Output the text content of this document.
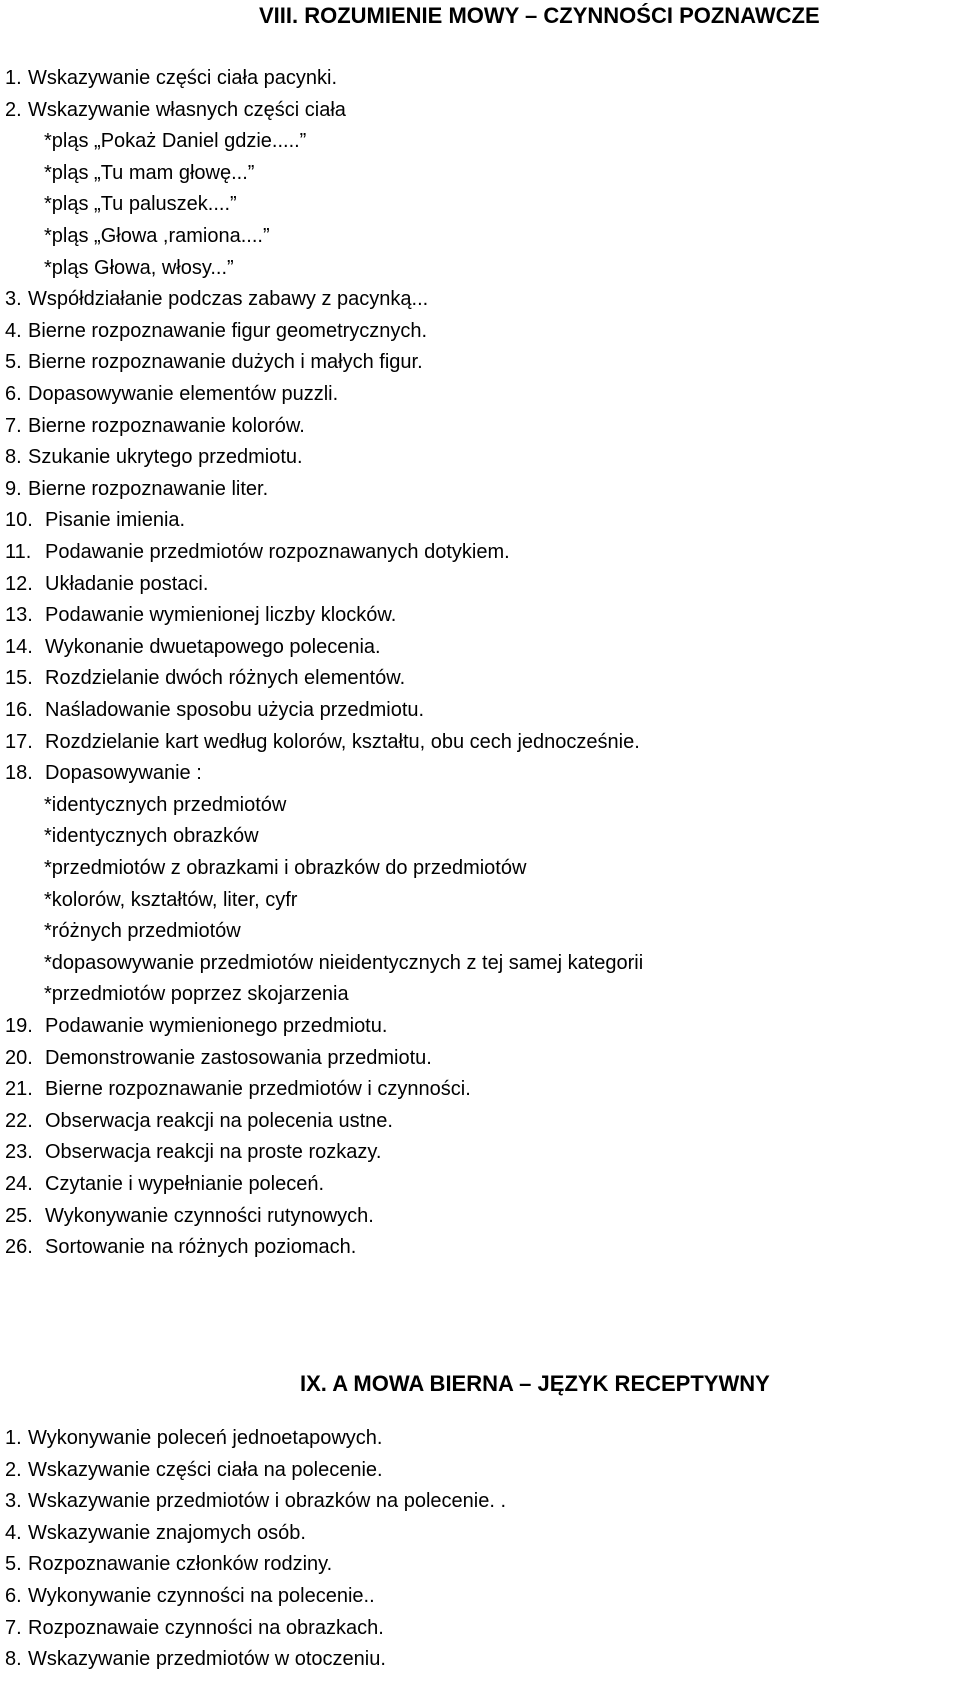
VIII. ROZUMIENIE MOWY – CZYNNOŚCI POZNAWCZE
1. Wskazywanie części ciała pacynki.
2. Wskazywanie własnych części ciała
*pląs „Pokaż Daniel gdzie.....”
*pląs „Tu mam głowę...”
*pląs „Tu paluszek....”
*pląs „Głowa ,ramiona....”
*pląs Głowa, włosy...”
3. Współdziałanie podczas zabawy z pacynką...
4. Bierne rozpoznawanie figur geometrycznych.
5. Bierne rozpoznawanie dużych i małych figur.
6. Dopasowywanie elementów puzzli.
7. Bierne rozpoznawanie kolorów.
8. Szukanie ukrytego przedmiotu.
9. Bierne rozpoznawanie liter.
10. Pisanie imienia.
11. Podawanie przedmiotów rozpoznawanych dotykiem.
12. Układanie postaci.
13. Podawanie wymienionej liczby klocków.
14. Wykonanie dwuetapowego polecenia.
15. Rozdzielanie dwóch różnych elementów.
16. Naśladowanie sposobu użycia przedmiotu.
17. Rozdzielanie kart według kolorów, kształtu, obu cech jednocześnie.
18. Dopasowywanie :
*identycznych przedmiotów
*identycznych obrazków
*przedmiotów z obrazkami i obrazków do przedmiotów
*kolorów, kształtów, liter, cyfr
*różnych przedmiotów
*dopasowywanie przedmiotów nieidentycznych z tej samej kategorii
*przedmiotów poprzez skojarzenia
19. Podawanie wymienionego przedmiotu.
20. Demonstrowanie zastosowania przedmiotu.
21. Bierne rozpoznawanie przedmiotów i czynności.
22. Obserwacja reakcji na polecenia ustne.
23. Obserwacja reakcji na proste rozkazy.
24. Czytanie i wypełnianie poleceń.
25. Wykonywanie czynności rutynowych.
26. Sortowanie na różnych poziomach.
IX. A MOWA BIERNA – JĘZYK RECEPTYWNY
1. Wykonywanie poleceń jednoetapowych.
2. Wskazywanie części ciała na polecenie.
3. Wskazywanie przedmiotów i obrazków na polecenie. .
4. Wskazywanie znajomych osób.
5. Rozpoznawanie członków rodziny.
6. Wykonywanie czynności na polecenie..
7. Rozpoznawaie czynności na obrazkach.
8. Wskazywanie przedmiotów w otoczeniu.
